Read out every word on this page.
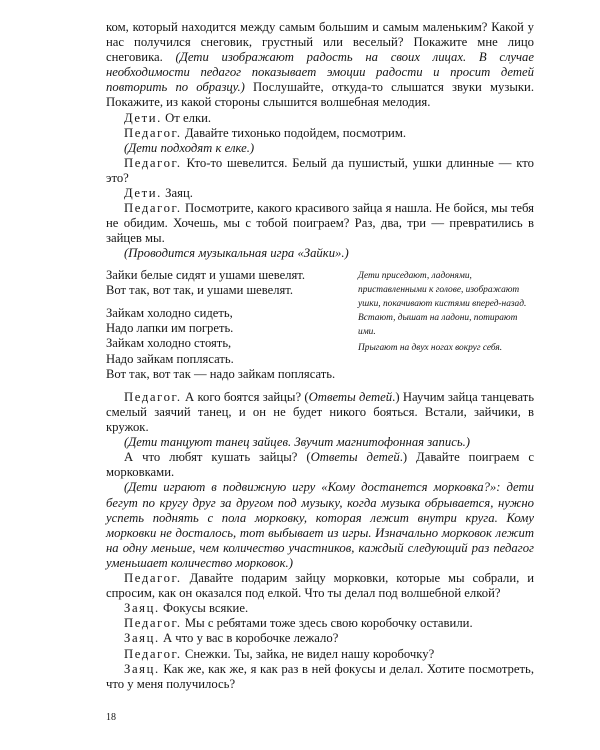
ком, который находится между самым большим и самым маленьким? Какой у нас получился снеговик, грустный или веселый? Покажите мне лицо снеговика. (Дети изображают радость на своих лицах. В случае необходимости педагог показывает эмоции радости и просит детей повторить по образцу.) Послушайте, откуда-то слышатся звуки музыки. Покажите, из какой стороны слышится волшебная мелодия.
Дети. От елки.
Педагог. Давайте тихонько подойдем, посмотрим.
(Дети подходят к елке.)
Педагог. Кто-то шевелится. Белый да пушистый, ушки длинные — кто это?
Дети. Заяц.
Педагог. Посмотрите, какого красивого зайца я нашла. Не бойся, мы тебя не обидим. Хочешь, мы с тобой поиграем? Раз, два, три — превратились в зайцев мы.
(Проводится музыкальная игра «Зайки».)
Зайки белые сидят и ушами шевелят.
Вот так, вот так, и ушами шевелят.
Зайкам холодно сидеть,
Надо лапки им погреть.
Зайкам холодно стоять,
Надо зайкам поплясать.
Вот так, вот так — надо зайкам поплясать.
Дети приседают, ладонями, приставленными к голове, изображают ушки, покачивают кистями вперед-назад.
Встают, дышат на ладони, потирают ими.
Прыгают на двух ногах вокруг себя.
Педагог. А кого боятся зайцы? (Ответы детей.) Научим зайца танцевать смелый заячий танец, и он не будет никого бояться. Встали, зайчики, в кружок.
(Дети танцуют танец зайцев. Звучит магнитофонная запись.)
А что любят кушать зайцы? (Ответы детей.) Давайте поиграем с морковками.
(Дети играют в подвижную игру «Кому достанется морковка?»: дети бегут по кругу друг за другом под музыку, когда музыка обрывается, нужно успеть поднять с пола морковку, которая лежит внутри круга. Кому морковки не досталось, тот выбывает из игры. Изначально морковок лежит на одну меньше, чем количество участников, каждый следующий раз педагог уменьшает количество морковок.)
Педагог. Давайте подарим зайцу морковки, которые мы собрали, и спросим, как он оказался под елкой. Что ты делал под волшебной елкой?
Заяц. Фокусы всякие.
Педагог. Мы с ребятами тоже здесь свою коробочку оставили.
Заяц. А что у вас в коробочке лежало?
Педагог. Снежки. Ты, зайка, не видел нашу коробочку?
Заяц. Как же, как же, я как раз в ней фокусы и делал. Хотите посмотреть, что у меня получилось?
18
